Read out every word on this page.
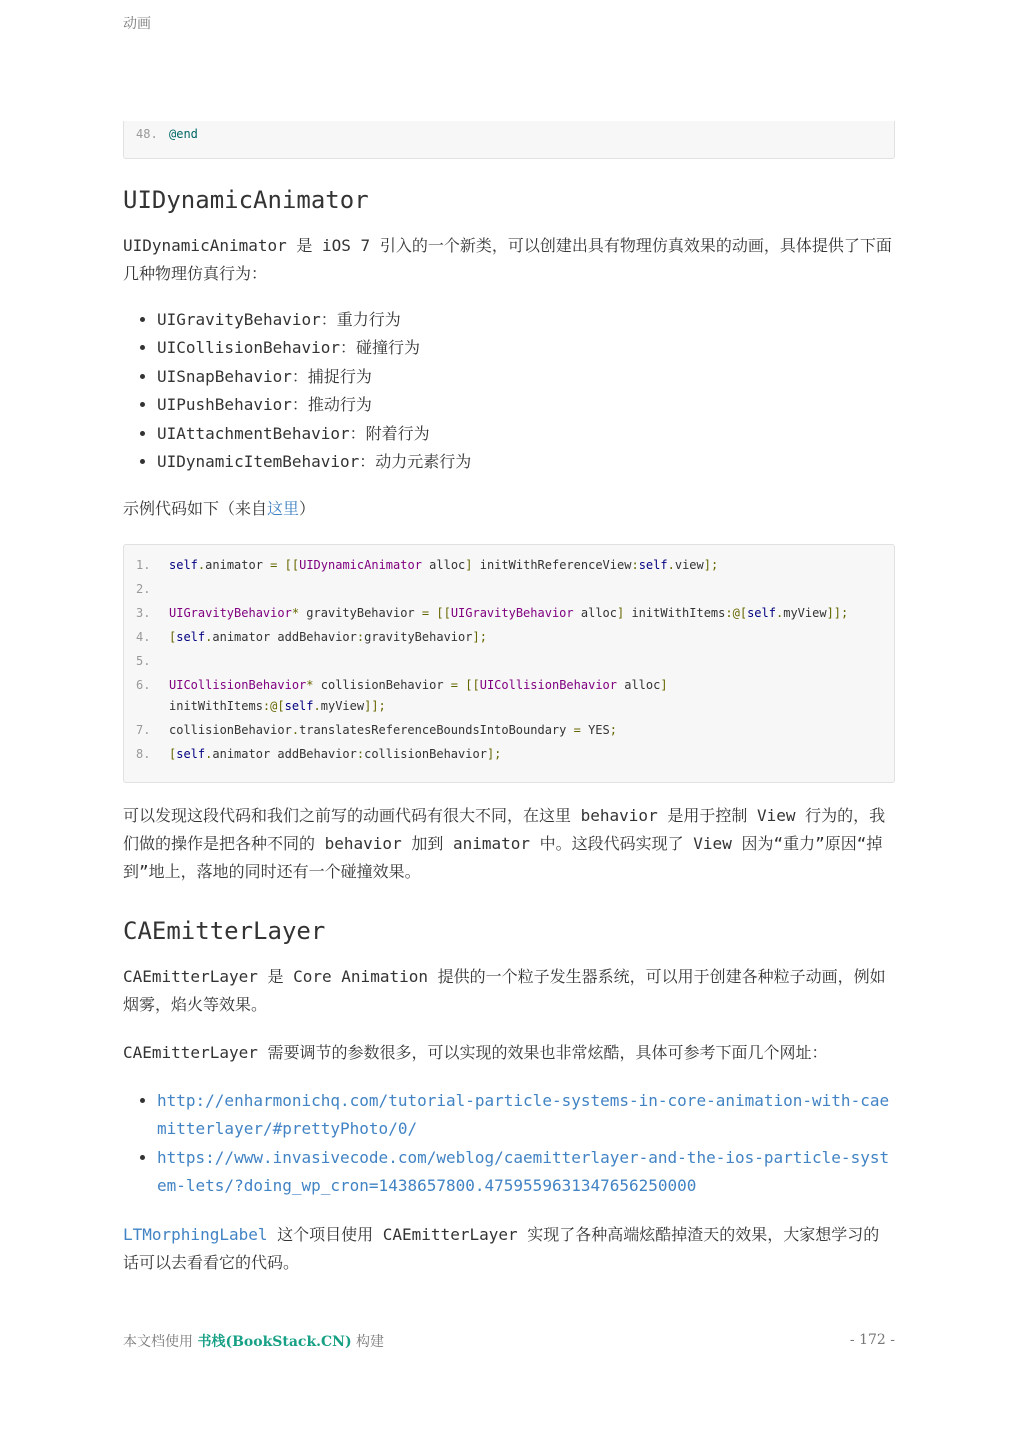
动画
48. @end
UIDynamicAnimator

UIDynamicAnimator 是 iOS 7 引入的一个新类，可以创建出具有物理仿真效果的动画，具体提供了下面几种物理仿真行为：

• UIGravityBehavior：重力行为
• UICollisionBehavior：碰撞行为
• UISnapBehavior：捕捉行为
• UIPushBehavior：推动行为
• UIAttachmentBehavior：附着行为
• UIDynamicItemBehavior：动力元素行为

示例代码如下（来自这里）

1.	self.animator = [[UIDynamicAnimator alloc] initWithReferenceView:self.view];
2.
3.	UIGravityBehavior* gravityBehavior = [[UIGravityBehavior alloc] initWithItems:@[self.myView]];
4.	[self.animator addBehavior:gravityBehavior];
5.
6.	UICollisionBehavior* collisionBehavior = [[UICollisionBehavior alloc]
initWithItems:@[self.myView]];
7.	collisionBehavior.translatesReferenceBoundsIntoBoundary = YES;
8.	[self.animator addBehavior:collisionBehavior];

可以发现这段代码和我们之前写的动画代码有很大不同，在这里 behavior 是用于控制 View 行为的，我们做的操作是把各种不同的 behavior 加到 animator 中。这段代码实现了 View 因为“重力”原因“掉到”地上，落地的同时还有一个碰撞效果。

CAEmitterLayer

CAEmitterLayer 是 Core Animation 提供的一个粒子发生器系统，可以用于创建各种粒子动画，例如烟雾，焰火等效果。

CAEmitterLayer 需要调节的参数很多，可以实现的效果也非常炫酷，具体可参考下面几个网址：

• http://enharmonichq.com/tutorial-particle-systems-in-core-animation-with-caemitterlayer/#prettyPhoto/0/
• https://www.invasivecode.com/weblog/caemitterlayer-and-the-ios-particle-system-lets/?doing_wp_cron=1438657800.4759559631347656250000

LTMorphingLabel 这个项目使用 CAEmitterLayer 实现了各种高端炫酷掉渣天的效果，大家想学习的话可以去看看它的代码。

本文档使用 书栈(BookStack.CN) 构建	- 172 -
